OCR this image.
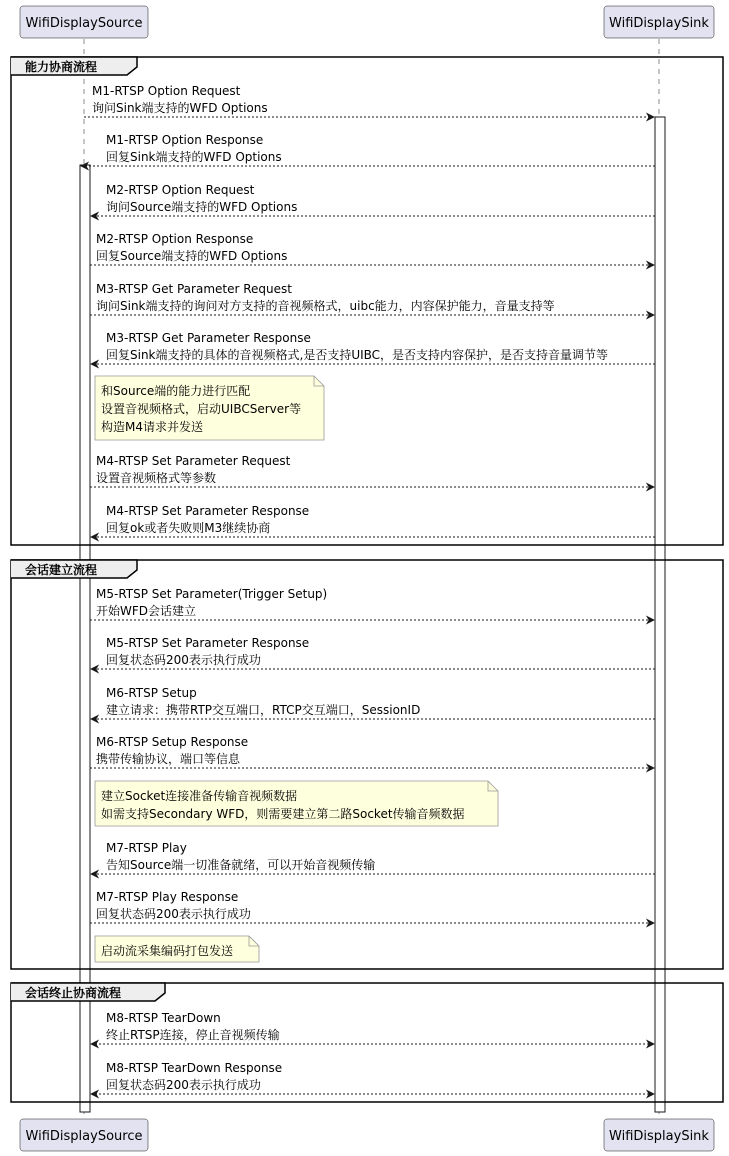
能力协商流程
M1-RTSP Option Request
询问Sink端支持的WFD Options
M1-RTSP Option Response
回复Sink端支持的WFD Options
M2-RTSP Option Request
询问Source端支持的WFD Options
M2-RTSP Option Response
回复Source端支持的WFD Options
M3-RTSP Get Parameter Request
询问Sink端支持的询问对方支持的音视频格式，uibc能力，内容保护能力，音量支持等
M3-RTSP Get Parameter Response
回复Sink端支持的具体的音视频格式,是否支持UIBC，是否支持内容保护，是否支持音量调节等
和Source端的能力进行匹配
设置音视频格式，启动UIBCServer等
构造M4请求并发送
M4-RTSP Set Parameter Request
设置音视频格式等参数
M4-RTSP Set Parameter Response
回复ok或者失败则M3继续协商
会话建立流程
M5-RTSP Set Parameter(Trigger Setup)
开始WFD会话建立
M5-RTSP Set Parameter Response
回复状态码200表示执行成功
M6-RTSP Setup
建立请求：携带RTP交互端口，RTCP交互端口，SessionID
M6-RTSP Setup Response
携带传输协议，端口等信息
建立Socket连接准备传输音视频数据
如需支持Secondary WFD，则需要建立第二路Socket传输音频数据
M7-RTSP Play
告知Source端一切准备就绪，可以开始音视频传输
M7-RTSP Play Response
回复状态码200表示执行成功
启动流采集编码打包发送
会话终止协商流程
M8-RTSP TearDown
终止RTSP连接，停止音视频传输
M8-RTSP TearDown Response
回复状态码200表示执行成功
WifiDisplaySource	WifiDisplaySink
WifiDisplaySource	WifiDisplaySink
